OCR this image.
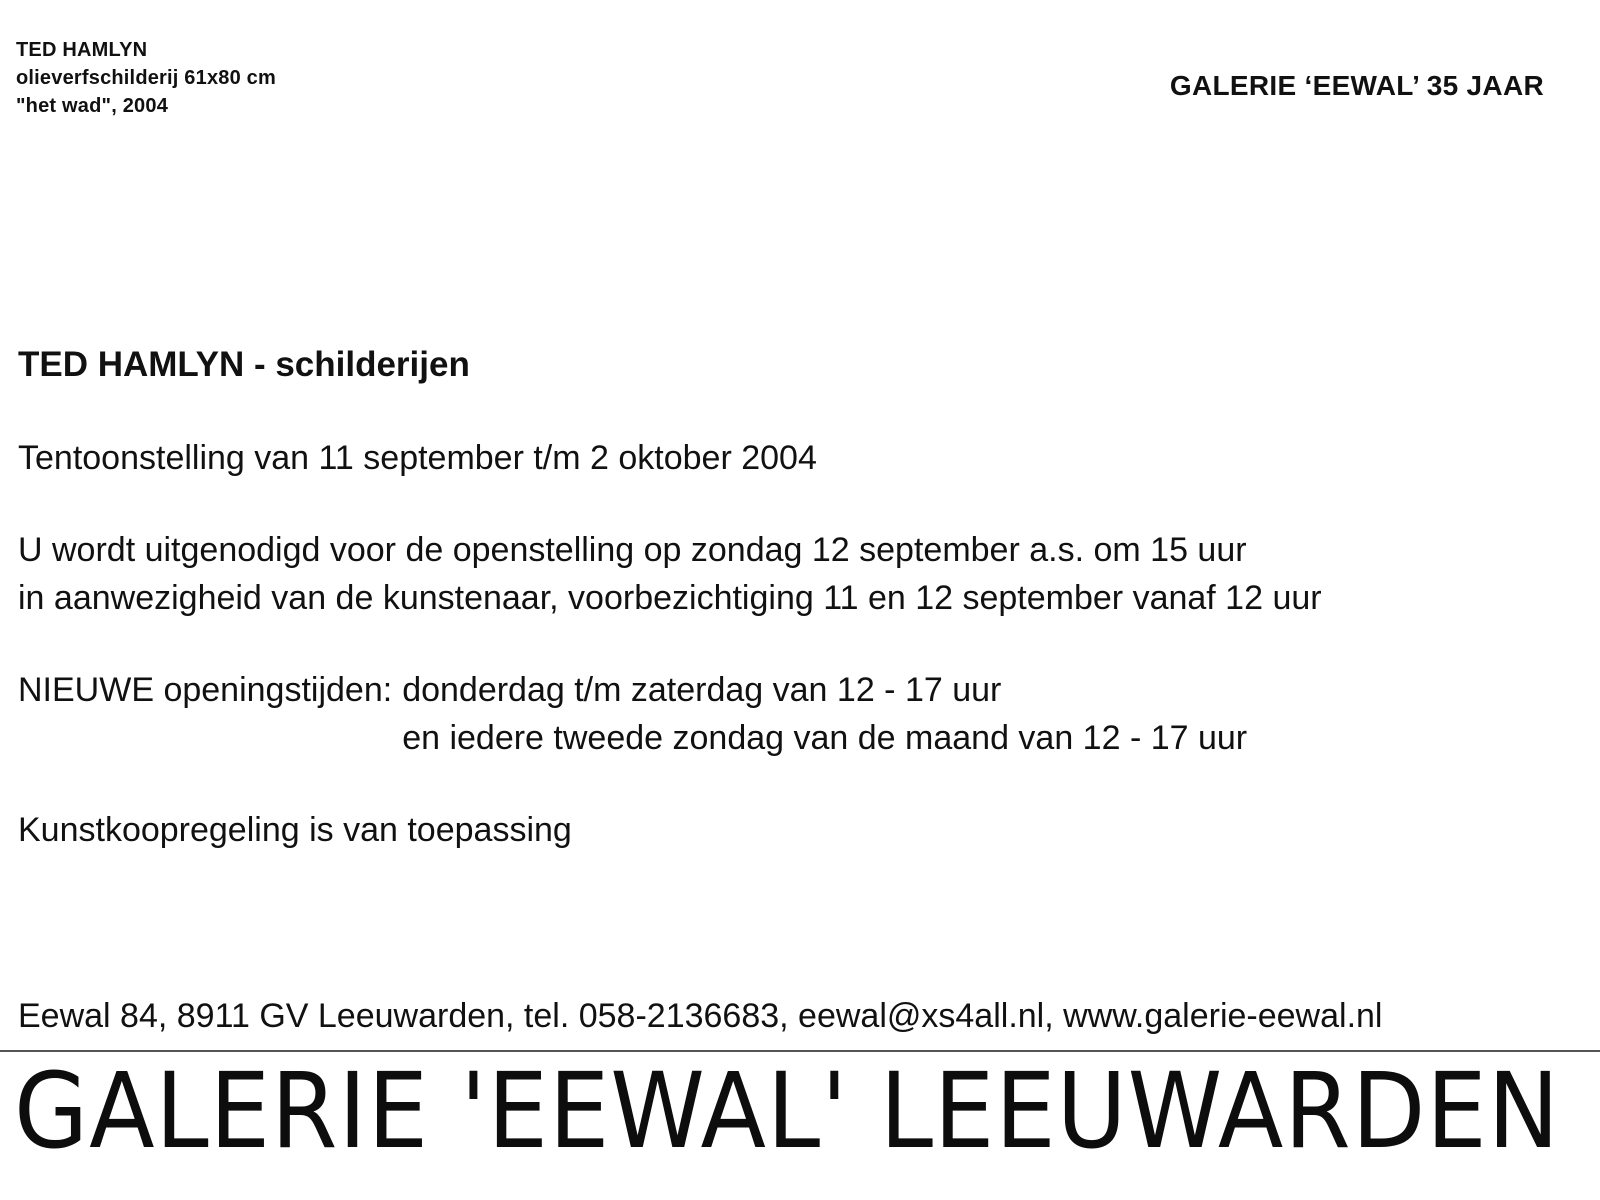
TED HAMLYN
olieverfschilderij 61x80 cm
"het wad", 2004
GALERIE ‘EEWAL’ 35 JAAR
TED HAMLYN - schilderijen
Tentoonstelling van 11 september t/m 2 oktober 2004
U wordt uitgenodigd voor de openstelling op zondag 12 september a.s. om 15 uur
in aanwezigheid van de kunstenaar, voorbezichtiging 11 en 12 september vanaf 12 uur
NIEUWE openingstijden: donderdag t/m zaterdag van 12 - 17 uur
en iedere tweede zondag van de maand van 12 - 17 uur
Kunstkoopregeling is van toepassing
Eewal 84, 8911 GV Leeuwarden, tel. 058-2136683, eewal@xs4all.nl, www.galerie-eewal.nl
GALERIE 'EEWAL' LEEUWARDEN
